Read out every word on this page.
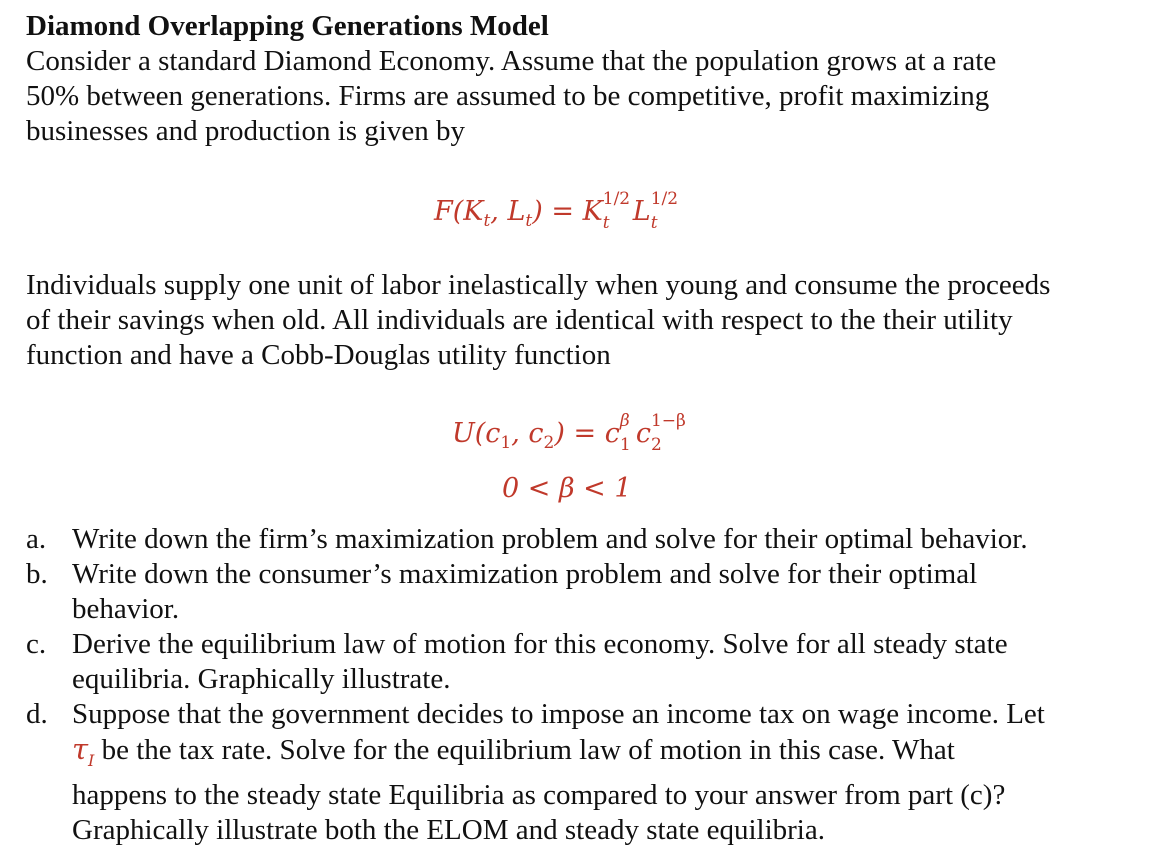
Diamond Overlapping Generations Model

Consider a standard Diamond Economy. Assume that the population grows at a rate
50% between generations. Firms are assumed to be competitive, profit maximizing
businesses and production is given by

$F(K_t$, $L_t) = K$ 1/2
t L 1/2
t

Individuals supply one unit of labor inelastically when young and consume the proceeds
of their savings when old. All individuals are identical with respect to the their utility
function and have a Cobb-Douglas utility function

$U(c_1$, $c_2) = c$ β
1 c 1−β
2
0 < β < 1

a. Write down the firm’s maximization problem and solve for their optimal behavior.

b. Write down the consumer’s maximization problem and solve for their optimal
behavior.

c. Derive the equilibrium law of motion for this economy. Solve for all steady state
equilibria. Graphically illustrate.

d. Suppose that the government decides to impose an income tax on wage income. Let
$\tau_I$ be the tax rate. Solve for the equilibrium law of motion in this case. What
happens to the steady state Equilibria as compared to your answer from part (c)?
Graphically illustrate both the ELOM and steady state equilibria.
